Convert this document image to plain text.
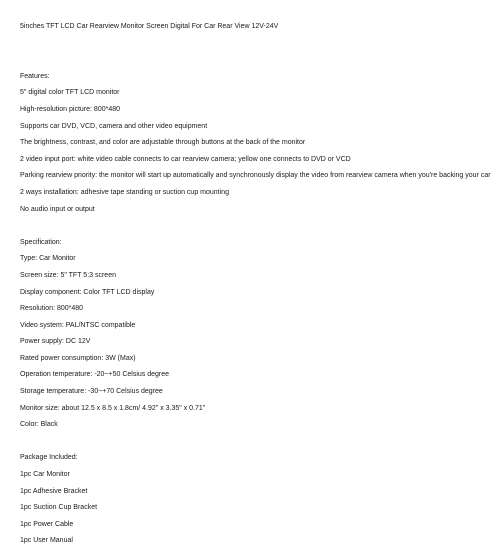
5inches TFT LCD Car Rearview Monitor Screen Digital For Car Rear View 12V-24V
Features:
5" digital color TFT LCD monitor
High-resolution picture: 800*480
Supports car DVD, VCD, camera and other video equipment
The brightness, contrast, and color are adjustable through buttons at the back of the monitor
2 video input port: white video cable connects to car rearview camera; yellow one connects to DVD or VCD
Parking rearview priority: the monitor will start up automatically and synchronously display the video from rearview camera when you're backing your car
2 ways installation: adhesive tape standing or suction cup mounting
No audio input or output
Specification:
Type: Car Monitor
Screen size: 5" TFT 5:3 screen
Display component: Color TFT LCD display
Resolution: 800*480
Video system: PAL/NTSC compatible
Power supply: DC 12V
Rated power consumption: 3W (Max)
Operation temperature: -20~+50 Celsius degree
Storage temperature: -30~+70 Celsius degree
Monitor size: about 12.5 x 8.5 x 1.8cm/ 4.92" x 3.35" x 0.71"
Color: Black
Package Included:
1pc Car Monitor
1pc Adhesive Bracket
1pc Suction Cup Bracket
1pc Power Cable
1pc User Manual
